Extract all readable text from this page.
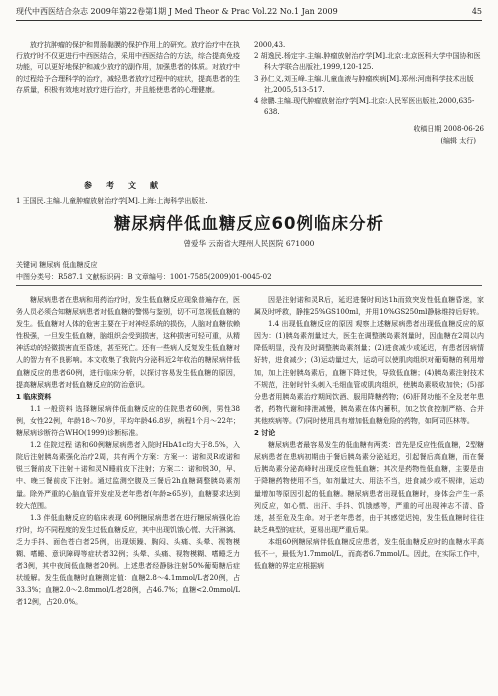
现代中西医结合杂志 2009年第22卷第1期 J Med Theor & Prac Vol.22 No.1 Jan 2009	45

放疗抗肿瘤的保护和胃肠黏膜的保护作用上的研究。放疗治疗中在执行放疗时不仅更进行中西医结合，采用中西医结合的方法，综合提高免疫功能，可以更好地保护和减少放疗的副作用，加强患者的体质。对放疗中的过程给予合理科学的治疗，减轻患者放疗过程中的症状，提高患者的生存质量，积极有效地对放疗进行治疗，并且能使患者的心理健康。

2000,43.

2 胡逸民.杨定宇.主编.肿瘤放射治疗学[M].北京:北京医科大学中国协和医科大学联合出版社,1999,120-125.

3 孙仁义,刘玉峰.主编.儿童血液与肿瘤疾病[M].郑州:河南科学技术出版社,2005,513-517.

4 徐鹏.主编.现代肿瘤放射治疗学[M].北京:人民军医出版社,2000,635-638.

收稿日期 2008-06-26
(编辑 太行)
参考文献

1 王国民.主编.儿童肿瘤放射治疗学[M].上海:上海科学出版社.

糖尿病伴低血糖反应60例临床分析
曾爱华 云南省大理州人民医院 671000
关键词 糖尿病 低血糖反应
中图分类号：R587.1 文献标识码：B 文章编号：1001-7585(2009)01-0045-02

糖尿病患者在患病和用药治疗时，发生低血糖反应现象普遍存在，医务人员必须合知糖尿病患者对低血糖的警惕与鉴别，切不可忽视低血糖的发生。低血糖对人体的危害主要在于对神经系统的损伤，人脑对血糖依赖性极强，一旦发生低血糖，脑组织会受到损害，这种损害可轻可重，从精神活动的轻微损害直至昏迷，甚至死亡。还有一些病人反复发生低血糖对人的智力有不良影响。本文收集了我院内分泌科近2年收治的糖尿病伴低血糖反应的患者60例，进行临床分析，以探讨容易发生低血糖的原因，提高糖尿病患者对低血糖反应的防治意识。

1 临床资料

1.1 一般资料 选择糖尿病伴低血糖反应的住院患者60例，男性38例，女性22例，年龄18～70岁，平均年龄46.8岁，病程1个月～22年；糖尿病诊断符合WHO(1999)诊断标准。

1.2 住院过程 诺和60例糖尿病患者入院时HbA1c均大于8.5%，入院后注射胰岛素强化治疗2周，共有两个方案：方案一：诺和灵R或诺和锐三餐前皮下注射＋诺和灵N睡前皮下注射；方案二：诺和锐30，早、中、晚三餐前皮下注射。通过监测空腹及三餐后2h血糖调整胰岛素剂量。除外严重的心脑血管并发症及老年患者(年龄≥65岁)，血糖要求达到较大范围。

1.3 伴低血糖反应的临床表现 60例糖尿病患者在进行糖尿病强化治疗时，均不同程度的发生过低血糖反应，其中出现饥饿心慌、大汗淋漓、乏力手抖、面色苍白者25例，出现烦躁、胸闷、头痛、头晕、视物模糊、嗜睡、意识障碍等症状者32例；头晕、头痛、视物模糊、嗜睡乏力者3例，其中夜间低血糖者20例。上述患者经静脉注射50%葡萄糖后症状缓解。发生低血糖时血糖测定值：血糖2.8～4.1mmol/L者20例，占33.3%；血糖2.0～2.8mmol/L者28例，占46.7%；血糖<2.0mmol/L者12例，占20.0%。

因是注射诺和灵R后，延迟进餐时间达1h而致突发性低血糖昏迷，家属及时呼救，静推25%GS100ml，并用10%GS250ml静脉维持后好转。

1.4 出现低血糖反应的原因 观察上述糖尿病患者出现低血糖反应的原因为：(1)胰岛素剂量过大，医生在调整胰岛素剂量时，因血糖在2周以内降低明显，没有及时调整胰岛素剂量；(2)进食减少或延迟，有患者因病情好转，进食减少；(3)运动量过大，运动可以使肌肉组织对葡萄糖的利用增加，加上注射胰岛素后，血糖下降过快，导致低血糖；(4)胰岛素注射技术不规范，注射时针头刺入毛细血管或肌肉组织，使胰岛素吸收加快；(5)部分患者用胰岛素治疗期间饮酒、服用降糖药物；(6)肝肾功能不全及老年患者，药物代谢和排泄减慢，胰岛素在体内蓄积，加之饮食控制严格、合并其他疾病等。(7)同时使用具有增加低血糖危险的药物，如阿司匹林等。

2 讨论

糖尿病患者最容易发生的低血糖有两类：首先是反应性低血糖，2型糖尿病患者在患病初期由于餐后胰岛素分泌延迟，引起餐后高血糖，而在餐后胰岛素分泌高峰时出现反应性低血糖；其次是药物性低血糖，主要是由于降糖药物使用不当，如剂量过大、用法不当，进食减少或不规律，运动量增加等原因引起的低血糖。糖尿病患者出现低血糖时，身体会产生一系列反应，如心慌、出汗、手抖、饥饿感等，严重的可出现神志不清、昏迷，甚至危及生命。对于老年患者，由于其感觉迟钝，发生低血糖时往往缺乏典型的症状，更易出现严重后果。

本组60例糖尿病伴低血糖反应患者，发生低血糖反应时的血糖水平高低不一，最低为1.7mmol/L，而高者6.7mmol/L。因此，在实际工作中，低血糖的界定应根据病
